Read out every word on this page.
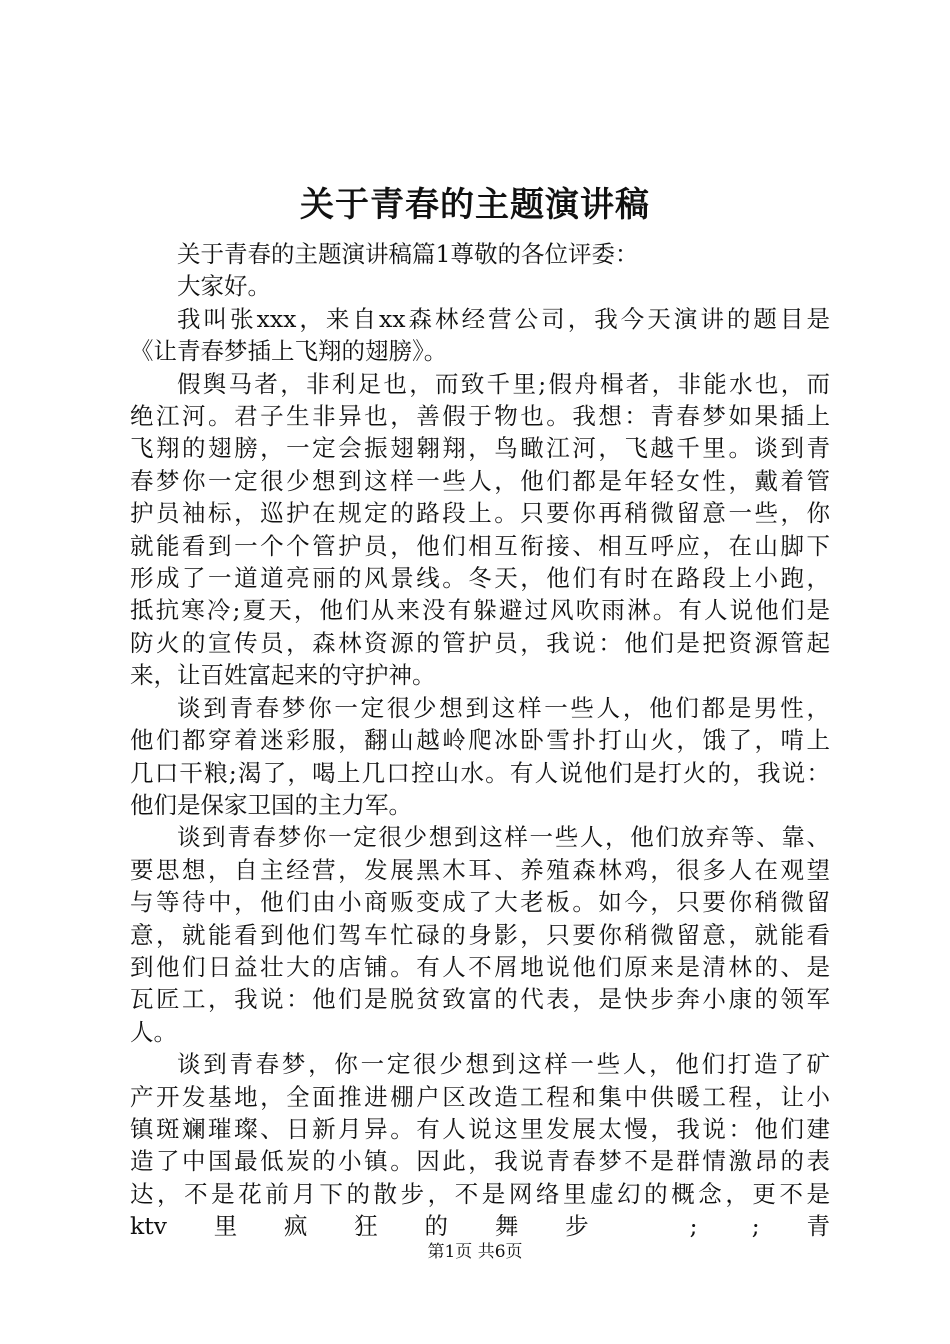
关于青春的主题演讲稿
关于青春的主题演讲稿篇1尊敬的各位评委：
大家好。
我叫张xxx，来自xx森林经营公司，我今天演讲的题目是
《让青春梦插上飞翔的翅膀》。
假舆马者，非利足也，而致千里;假舟楫者，非能水也，而
绝江河。君子生非异也，善假于物也。我想：青春梦如果插上
飞翔的翅膀，一定会振翅翱翔，鸟瞰江河，飞越千里。谈到青
春梦你一定很少想到这样一些人，他们都是年轻女性，戴着管
护员袖标，巡护在规定的路段上。只要你再稍微留意一些，你
就能看到一个个管护员，他们相互衔接、相互呼应，在山脚下
形成了一道道亮丽的风景线。冬天，他们有时在路段上小跑，
抵抗寒冷;夏天，他们从来没有躲避过风吹雨淋。有人说他们是
防火的宣传员，森林资源的管护员，我说：他们是把资源管起
来，让百姓富起来的守护神。
谈到青春梦你一定很少想到这样一些人，他们都是男性，
他们都穿着迷彩服，翻山越岭爬冰卧雪扑打山火，饿了，啃上
几口干粮;渴了，喝上几口控山水。有人说他们是打火的，我说：
他们是保家卫国的主力军。
谈到青春梦你一定很少想到这样一些人，他们放弃等、靠、
要思想，自主经营，发展黑木耳、养殖森林鸡，很多人在观望
与等待中，他们由小商贩变成了大老板。如今，只要你稍微留
意，就能看到他们驾车忙碌的身影，只要你稍微留意，就能看
到他们日益壮大的店铺。有人不屑地说他们原来是清林的、是
瓦匠工，我说：他们是脱贫致富的代表，是快步奔小康的领军
人。
谈到青春梦，你一定很少想到这样一些人，他们打造了矿
产开发基地，全面推进棚户区改造工程和集中供暖工程，让小
镇斑斓璀璨、日新月异。有人说这里发展太慢，我说：他们建
造了中国最低炭的小镇。因此，我说青春梦不是群情激昂的表
达，不是花前月下的散步，不是网络里虚幻的概念，更不是
ktv里疯狂的舞步 ; ;青
第1页 共6页
